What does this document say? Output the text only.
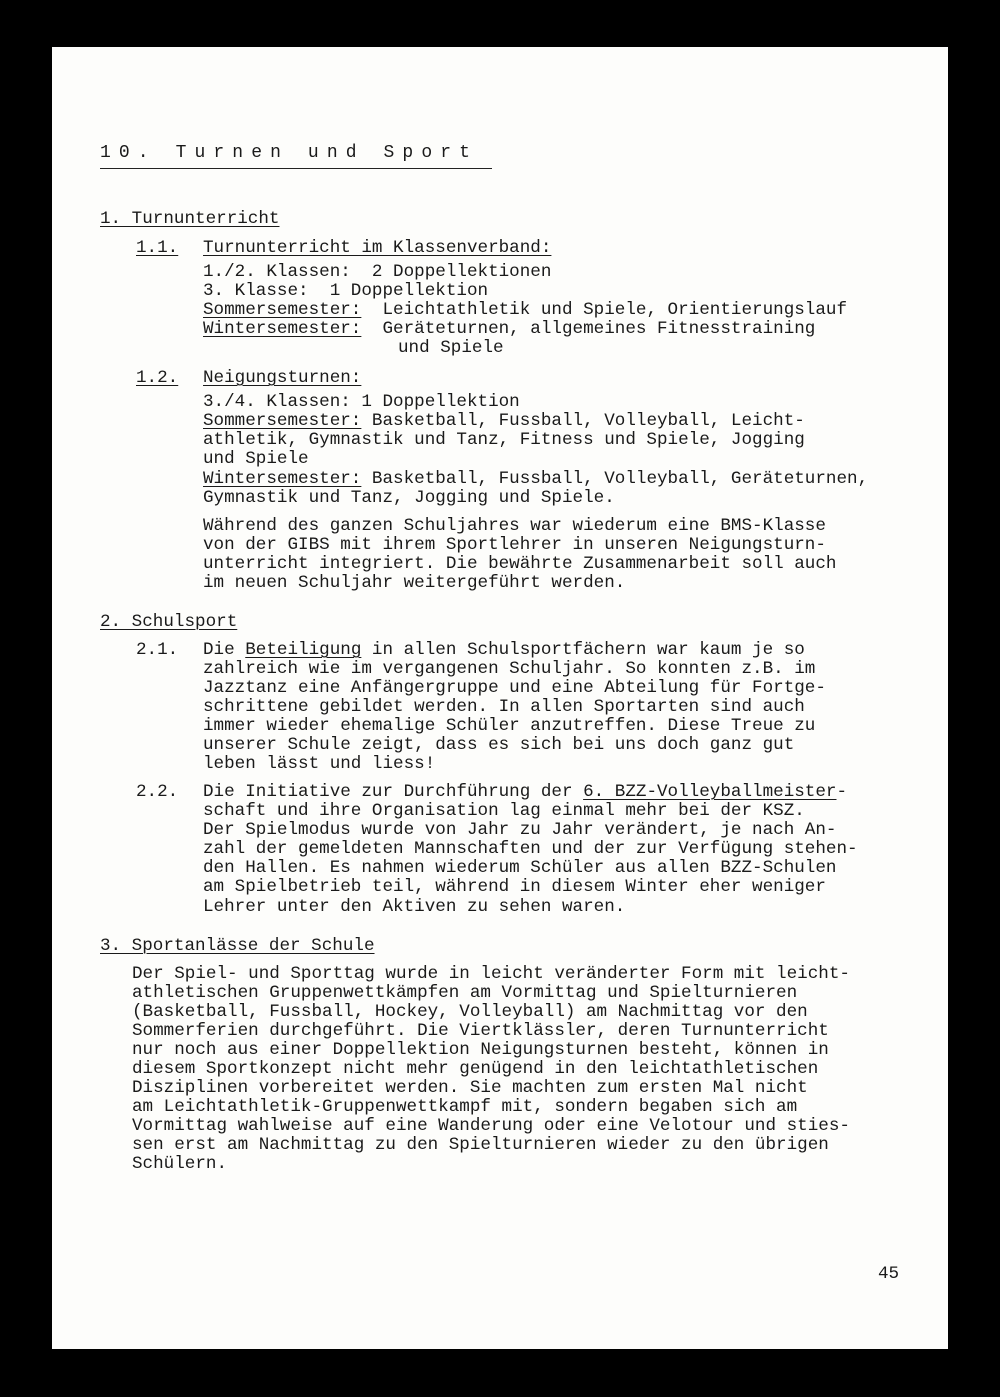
10. Turnen und Sport
1. Turnunterricht
1.1. Turnunterricht im Klassenverband:
1./2. Klassen:  2 Doppellektionen
3. Klasse:  1 Doppellektion
Sommersemester:  Leichtathletik und Spiele, Orientierungslauf
Wintersemester:  Geräteturnen, allgemeines Fitnesstraining
und Spiele
1.2. Neigungsturnen:
3./4. Klassen: 1 Doppellektion
Sommersemester: Basketball, Fussball, Volleyball, Leicht-
athletik, Gymnastik und Tanz, Fitness und Spiele, Jogging
und Spiele
Wintersemester: Basketball, Fussball, Volleyball, Geräteturnen,
Gymnastik und Tanz, Jogging und Spiele.
Während des ganzen Schuljahres war wiederum eine BMS-Klasse
von der GIBS mit ihrem Sportlehrer in unseren Neigungsturn-
unterricht integriert. Die bewährte Zusammenarbeit soll auch
im neuen Schuljahr weitergeführt werden.
2. Schulsport
2.1. Die Beteiligung in allen Schulsportfächern war kaum je so
zahlreich wie im vergangenen Schuljahr. So konnten z.B. im
Jazztanz eine Anfängergruppe und eine Abteilung für Fortge-
schrittene gebildet werden. In allen Sportarten sind auch
immer wieder ehemalige Schüler anzutreffen. Diese Treue zu
unserer Schule zeigt, dass es sich bei uns doch ganz gut
leben lässt und liess!
2.2. Die Initiative zur Durchführung der 6. BZZ-Volleyballmeister-
schaft und ihre Organisation lag einmal mehr bei der KSZ.
Der Spielmodus wurde von Jahr zu Jahr verändert, je nach An-
zahl der gemeldeten Mannschaften und der zur Verfügung stehen-
den Hallen. Es nahmen wiederum Schüler aus allen BZZ-Schulen
am Spielbetrieb teil, während in diesem Winter eher weniger
Lehrer unter den Aktiven zu sehen waren.
3. Sportanlässe der Schule
Der Spiel- und Sporttag wurde in leicht veränderter Form mit leicht-
athletischen Gruppenwettkämpfen am Vormittag und Spielturnieren
(Basketball, Fussball, Hockey, Volleyball) am Nachmittag vor den
Sommerferien durchgeführt. Die Viertklässler, deren Turnunterricht
nur noch aus einer Doppellektion Neigungsturnen besteht, können in
diesem Sportkonzept nicht mehr genügend in den leichtathletischen
Disziplinen vorbereitet werden. Sie machten zum ersten Mal nicht
am Leichtathletik-Gruppenwettkampf mit, sondern begaben sich am
Vormittag wahlweise auf eine Wanderung oder eine Velotour und sties-
sen erst am Nachmittag zu den Spielturnieren wieder zu den übrigen
Schülern.
45
